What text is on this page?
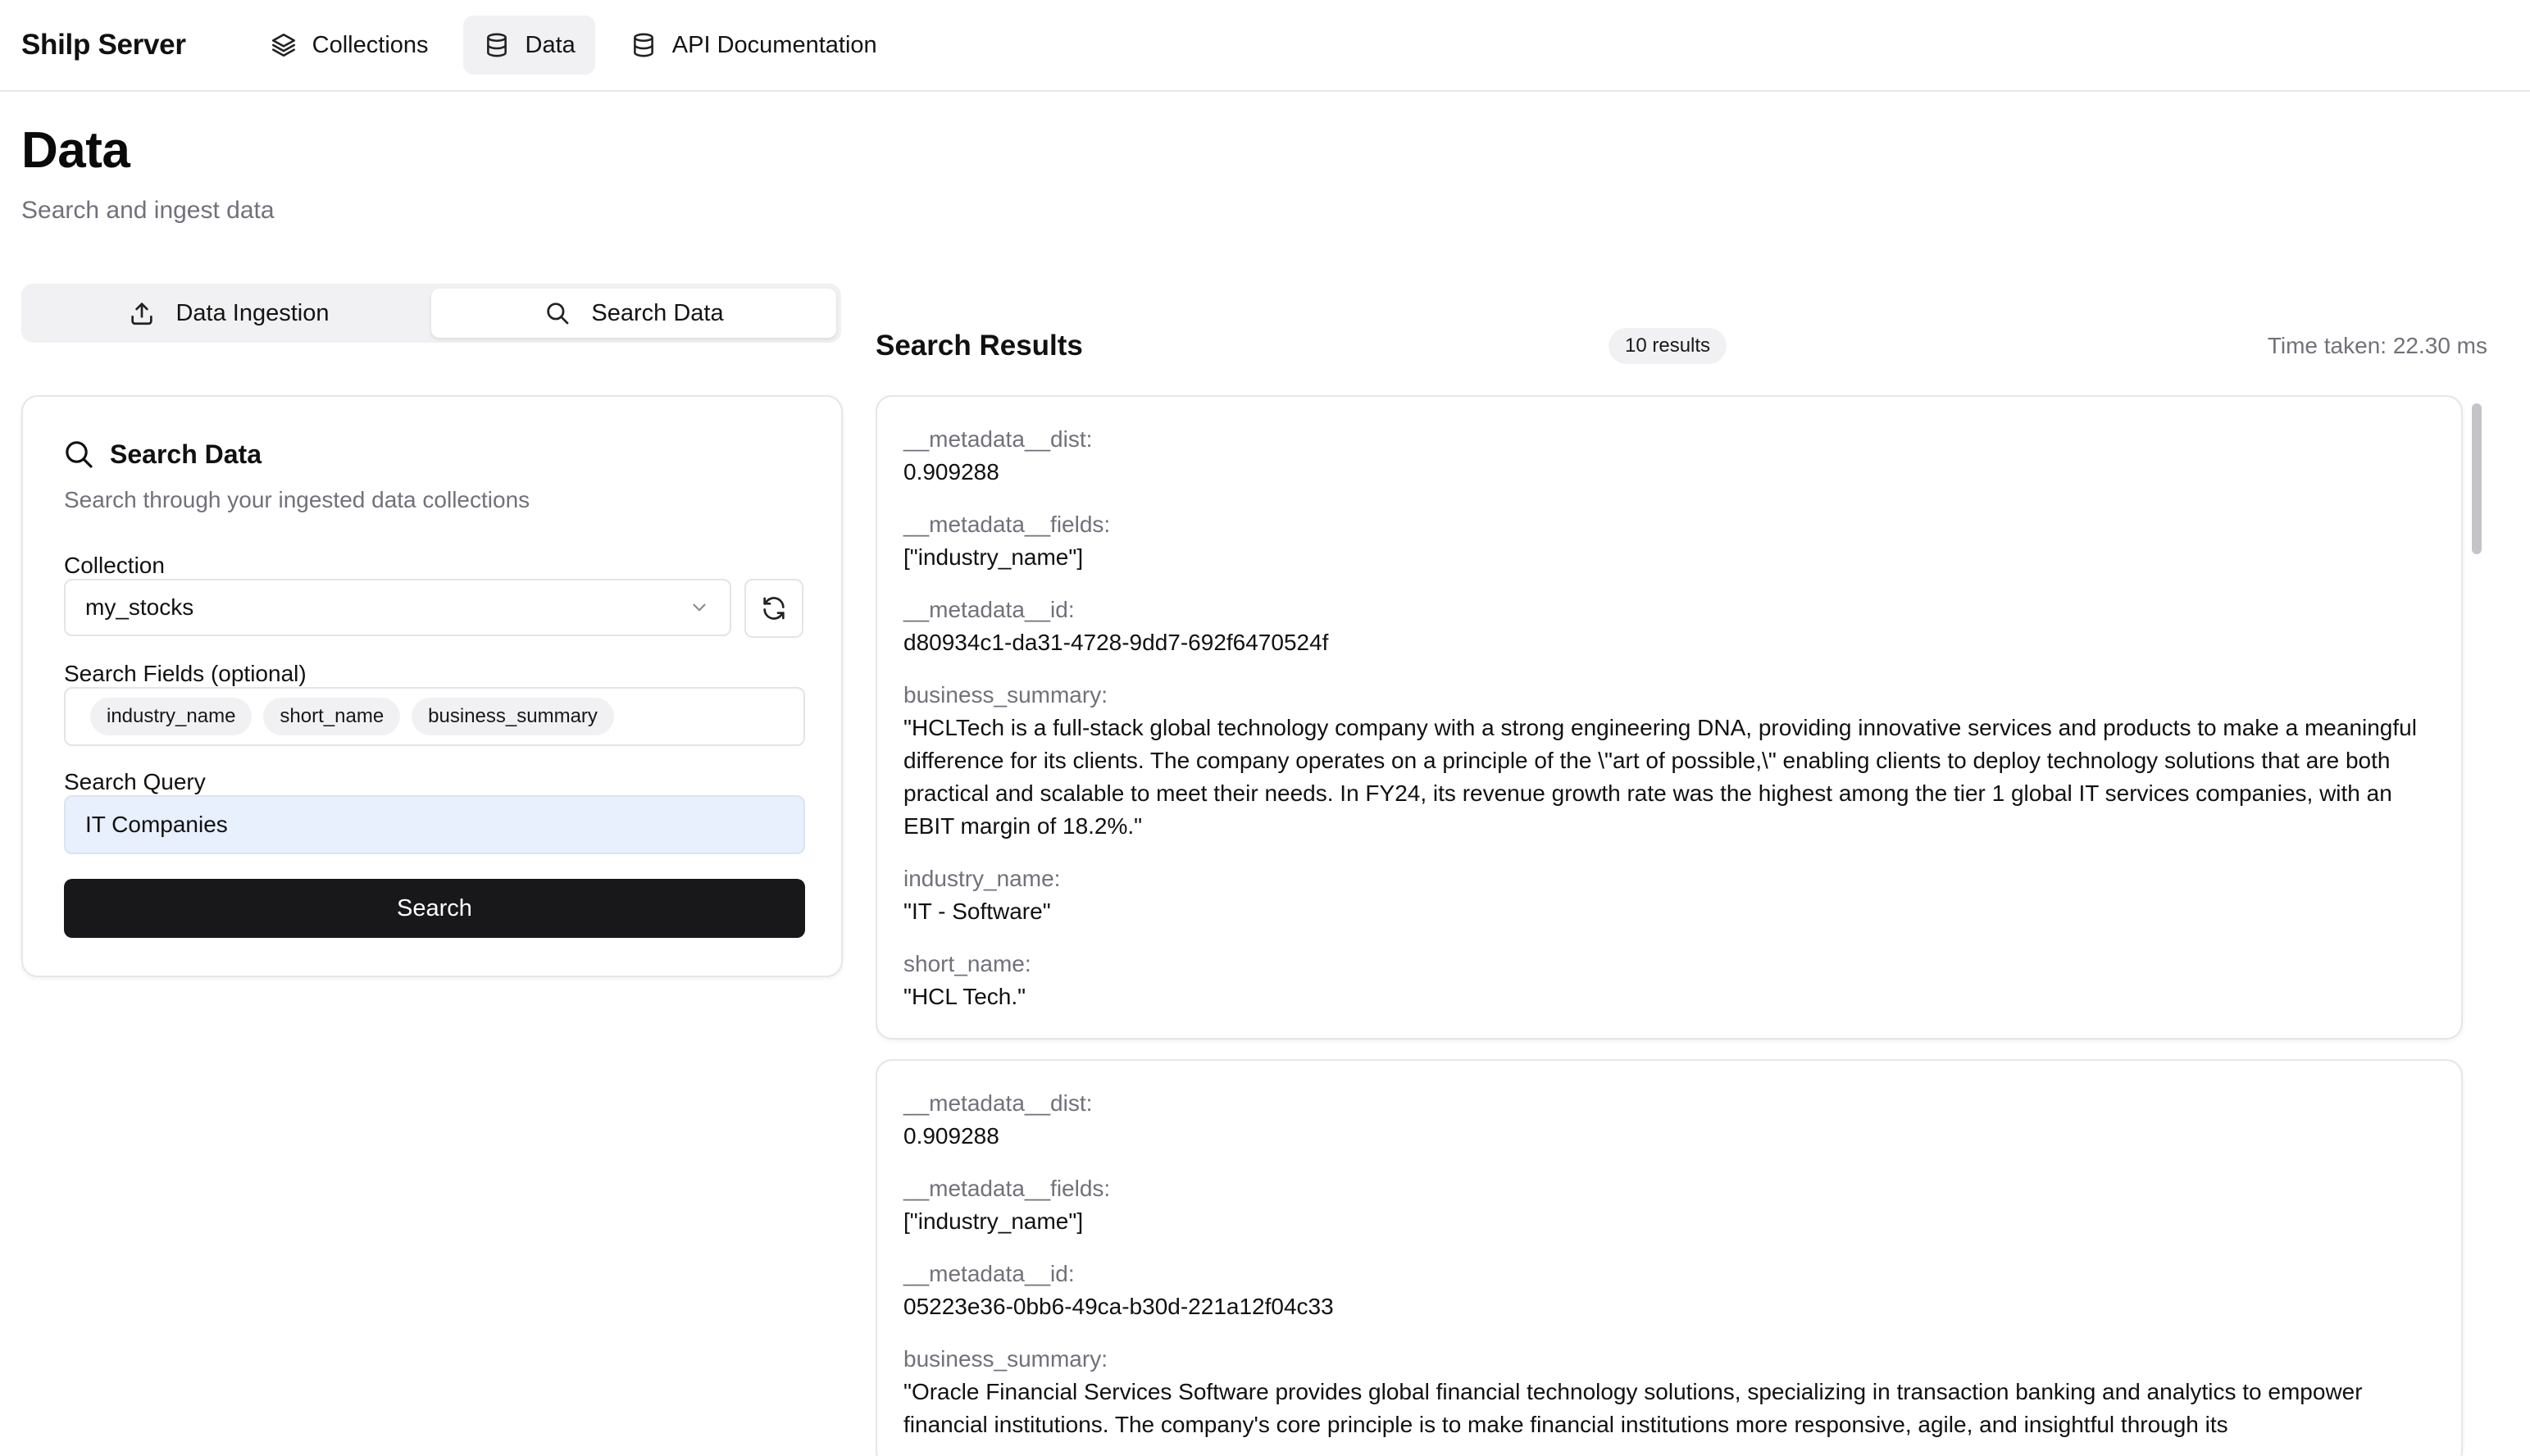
Shilp Server	Collections	Data	API Documentation
Data

Search and ingest data

Data Ingestion	Search Data
Search Data

Search through your ingested data collections

Collection
my_stocks
Search Fields (optional)
industry_name	short_name	business_summary
Search Query
IT Companies
Search
Search Results	10 results	Time taken: 22.30 ms
__metadata__dist:
0.909288
__metadata__fields:
["industry_name"]
__metadata__id:
d80934c1-da31-4728-9dd7-692f6470524f
business_summary:
"HCLTech is a full-stack global technology company with a strong engineering DNA, providing innovative services and products to make a meaningful difference for its clients. The company operates on a principle of the \"art of possible,\" enabling clients to deploy technology solutions that are both practical and scalable to meet their needs. In FY24, its revenue growth rate was the highest among the tier 1 global IT services companies, with an EBIT margin of 18.2%."
industry_name:
"IT - Software"
short_name:
"HCL Tech."
__metadata__dist:
0.909288
__metadata__fields:
["industry_name"]
__metadata__id:
05223e36-0bb6-49ca-b30d-221a12f04c33
business_summary:
"Oracle Financial Services Software provides global financial technology solutions, specializing in transaction banking and analytics to empower financial institutions. The company's core principle is to make financial institutions more responsive, agile, and insightful through its
